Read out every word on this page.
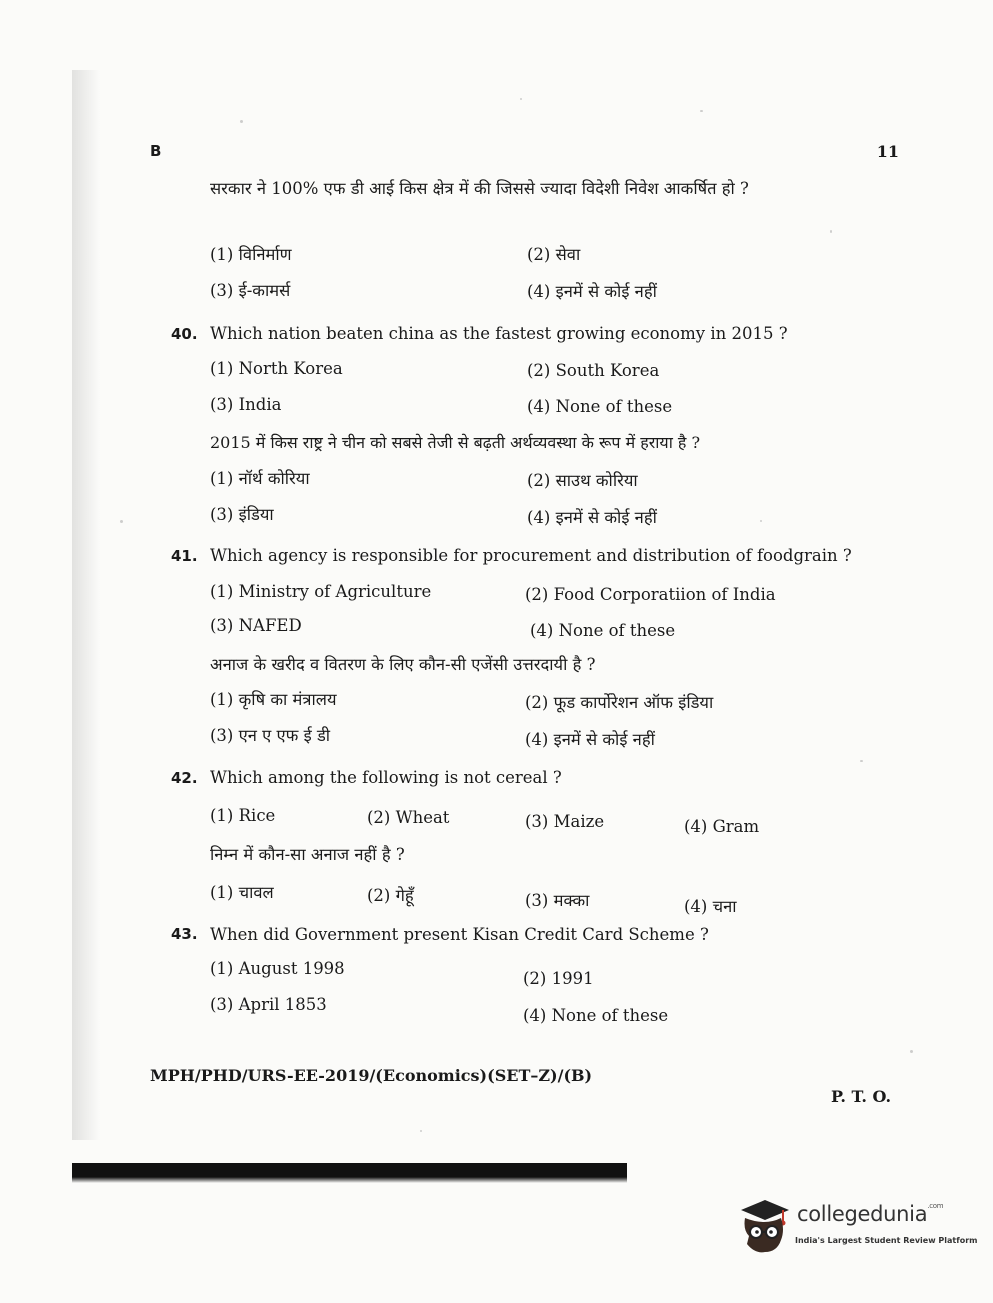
B	11
सरकार ने 100% एफ डी आई किस क्षेत्र में की जिससे ज्यादा विदेशी निवेश आकर्षित हो ?
(1) विनिर्माण	(2) सेवा
(3) ई-कामर्स	(4) इनमें से कोई नहीं
40. Which nation beaten china as the fastest growing economy in 2015 ?
(1) North Korea	(2) South Korea
(3) India	(4) None of these
2015 में किस राष्ट्र ने चीन को सबसे तेजी से बढ़ती अर्थव्यवस्था के रूप में हराया है ?
(1) नॉर्थ कोरिया	(2) साउथ कोरिया
(3) इंडिया	(4) इनमें से कोई नहीं
41. Which agency is responsible for procurement and distribution of foodgrain ?
(1) Ministry of Agriculture	(2) Food Corporatiion of India
(3) NAFED	(4) None of these
अनाज के खरीद व वितरण के लिए कौन-सी एजेंसी उत्तरदायी है ?
(1) कृषि का मंत्रालय	(2) फूड कार्पोरेशन ऑफ इंडिया
(3) एन ए एफ ई डी	(4) इनमें से कोई नहीं
42. Which among the following is not cereal ?
(1) Rice	(2) Wheat	(3) Maize	(4) Gram
निम्न में कौन-सा अनाज नहीं है ?
(1) चावल	(2) गेहूँ	(3) मक्का	(4) चना
43. When did Government present Kisan Credit Card Scheme ?
(1) August 1998
(2) 1991
(3) April 1853
(4) None of these
MPH/PHD/URS-EE-2019/(Economics)(SET–Z)/(B)
P. T. O.
collegedunia$^{.com}$
India's Largest Student Review Platform
